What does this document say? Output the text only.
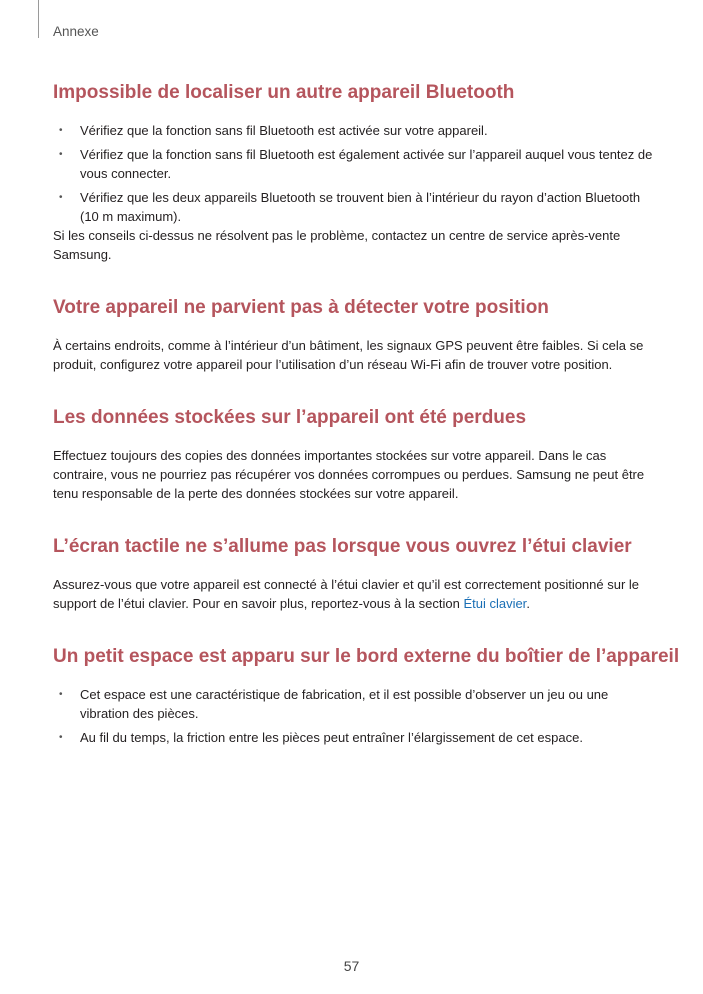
Annexe
Impossible de localiser un autre appareil Bluetooth
• Vérifiez que la fonction sans fil Bluetooth est activée sur votre appareil.
• Vérifiez que la fonction sans fil Bluetooth est également activée sur l’appareil auquel vous tentez de vous connecter.
• Vérifiez que les deux appareils Bluetooth se trouvent bien à l’intérieur du rayon d’action Bluetooth (10 m maximum).

Si les conseils ci-dessus ne résolvent pas le problème, contactez un centre de service après-vente Samsung.

Votre appareil ne parvient pas à détecter votre position

À certains endroits, comme à l’intérieur d’un bâtiment, les signaux GPS peuvent être faibles. Si cela se produit, configurez votre appareil pour l’utilisation d’un réseau Wi-Fi afin de trouver votre position.

Les données stockées sur l’appareil ont été perdues

Effectuez toujours des copies des données importantes stockées sur votre appareil. Dans le cas contraire, vous ne pourriez pas récupérer vos données corrompues ou perdues. Samsung ne peut être tenu responsable de la perte des données stockées sur votre appareil.

L’écran tactile ne s’allume pas lorsque vous ouvrez l’étui clavier

Assurez-vous que votre appareil est connecté à l’étui clavier et qu’il est correctement positionné sur le support de l’étui clavier. Pour en savoir plus, reportez-vous à la section Étui clavier.

Un petit espace est apparu sur le bord externe du boîtier de l’appareil
• Cet espace est une caractéristique de fabrication, et il est possible d’observer un jeu ou une vibration des pièces.
• Au fil du temps, la friction entre les pièces peut entraîner l’élargissement de cet espace.
57
